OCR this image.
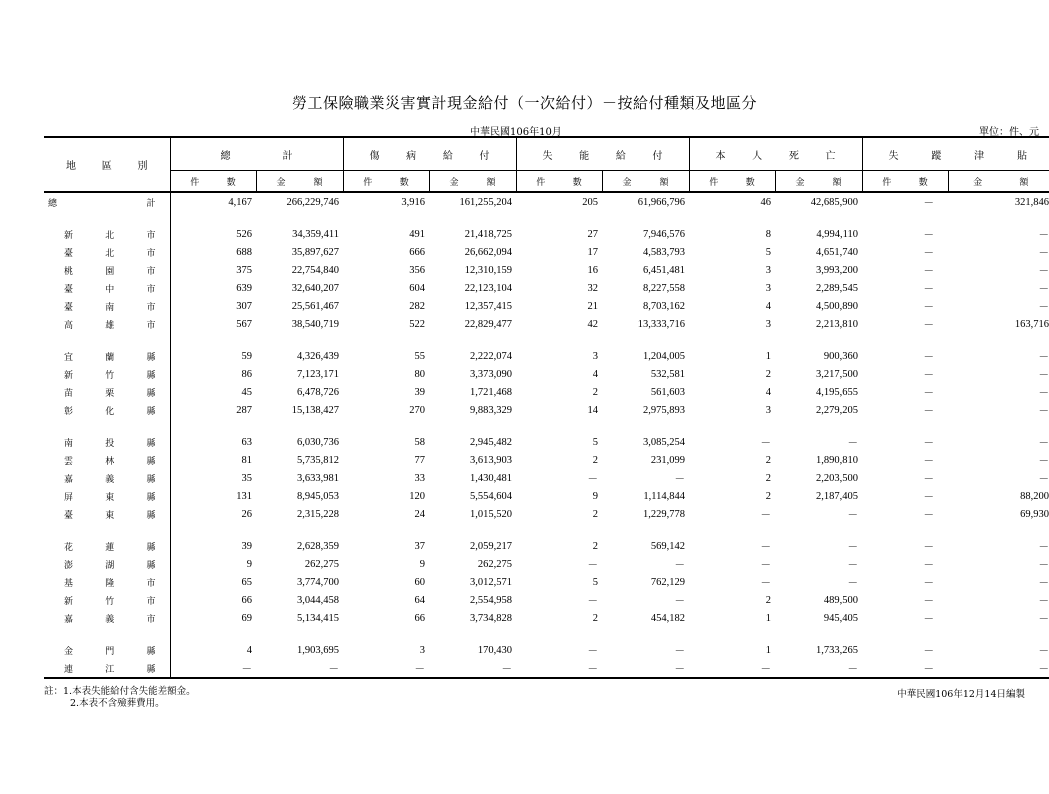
勞工保險職業災害實計現金給付（一次給付）－按給付種類及地區分
中華民國106年10月	單位：件、元
地 區 別	總 計		傷 病 給 付		失 能 給 付		本 人 死 亡		失 蹤 津 貼	

	件 數	金 額	件 數	金 額	件 數	金 額	件 數	金 額	件 數	金 額

總 計	4,167	266,229,746	3,916	161,255,204	205	61,966,796	46	42,685,900	－	321,846

新 北 市	526	34,359,411	491	21,418,725	27	7,946,576	8	4,994,110	－	－

臺 北 市	688	35,897,627	666	26,662,094	17	4,583,793	5	4,651,740	－	－

桃 園 市	375	22,754,840	356	12,310,159	16	6,451,481	3	3,993,200	－	－

臺 中 市	639	32,640,207	604	22,123,104	32	8,227,558	3	2,289,545	－	－

臺 南 市	307	25,561,467	282	12,357,415	21	8,703,162	4	4,500,890	－	－

高 雄 市	567	38,540,719	522	22,829,477	42	13,333,716	3	2,213,810	－	163,716

宜 蘭 縣	59	4,326,439	55	2,222,074	3	1,204,005	1	900,360	－	－

新 竹 縣	86	7,123,171	80	3,373,090	4	532,581	2	3,217,500	－	－

苗 栗 縣	45	6,478,726	39	1,721,468	2	561,603	4	4,195,655	－	－

彰 化 縣	287	15,138,427	270	9,883,329	14	2,975,893	3	2,279,205	－	－

南 投 縣	63	6,030,736	58	2,945,482	5	3,085,254	－	－	－	－

雲 林 縣	81	5,735,812	77	3,613,903	2	231,099	2	1,890,810	－	－

嘉 義 縣	35	3,633,981	33	1,430,481	－	－	2	2,203,500	－	－

屏 東 縣	131	8,945,053	120	5,554,604	9	1,114,844	2	2,187,405	－	88,200

臺 東 縣	26	2,315,228	24	1,015,520	2	1,229,778	－	－	－	69,930

花 蓮 縣	39	2,628,359	37	2,059,217	2	569,142	－	－	－	－

澎 湖 縣	9	262,275	9	262,275	－	－	－	－	－	－

基 隆 市	65	3,774,700	60	3,012,571	5	762,129	－	－	－	－

新 竹 市	66	3,044,458	64	2,554,958	－	－	2	489,500	－	－

嘉 義 市	69	5,134,415	66	3,734,828	2	454,182	1	945,405	－	－

金 門 縣	4	1,903,695	3	170,430	－	－	1	1,733,265	－	－

連 江 縣	－	－	－	－	－	－	－	－	－	－
註：1.本表失能給付含失能差額金。
2.本表不含殮葬費用。
中華民國106年12月14日編製
